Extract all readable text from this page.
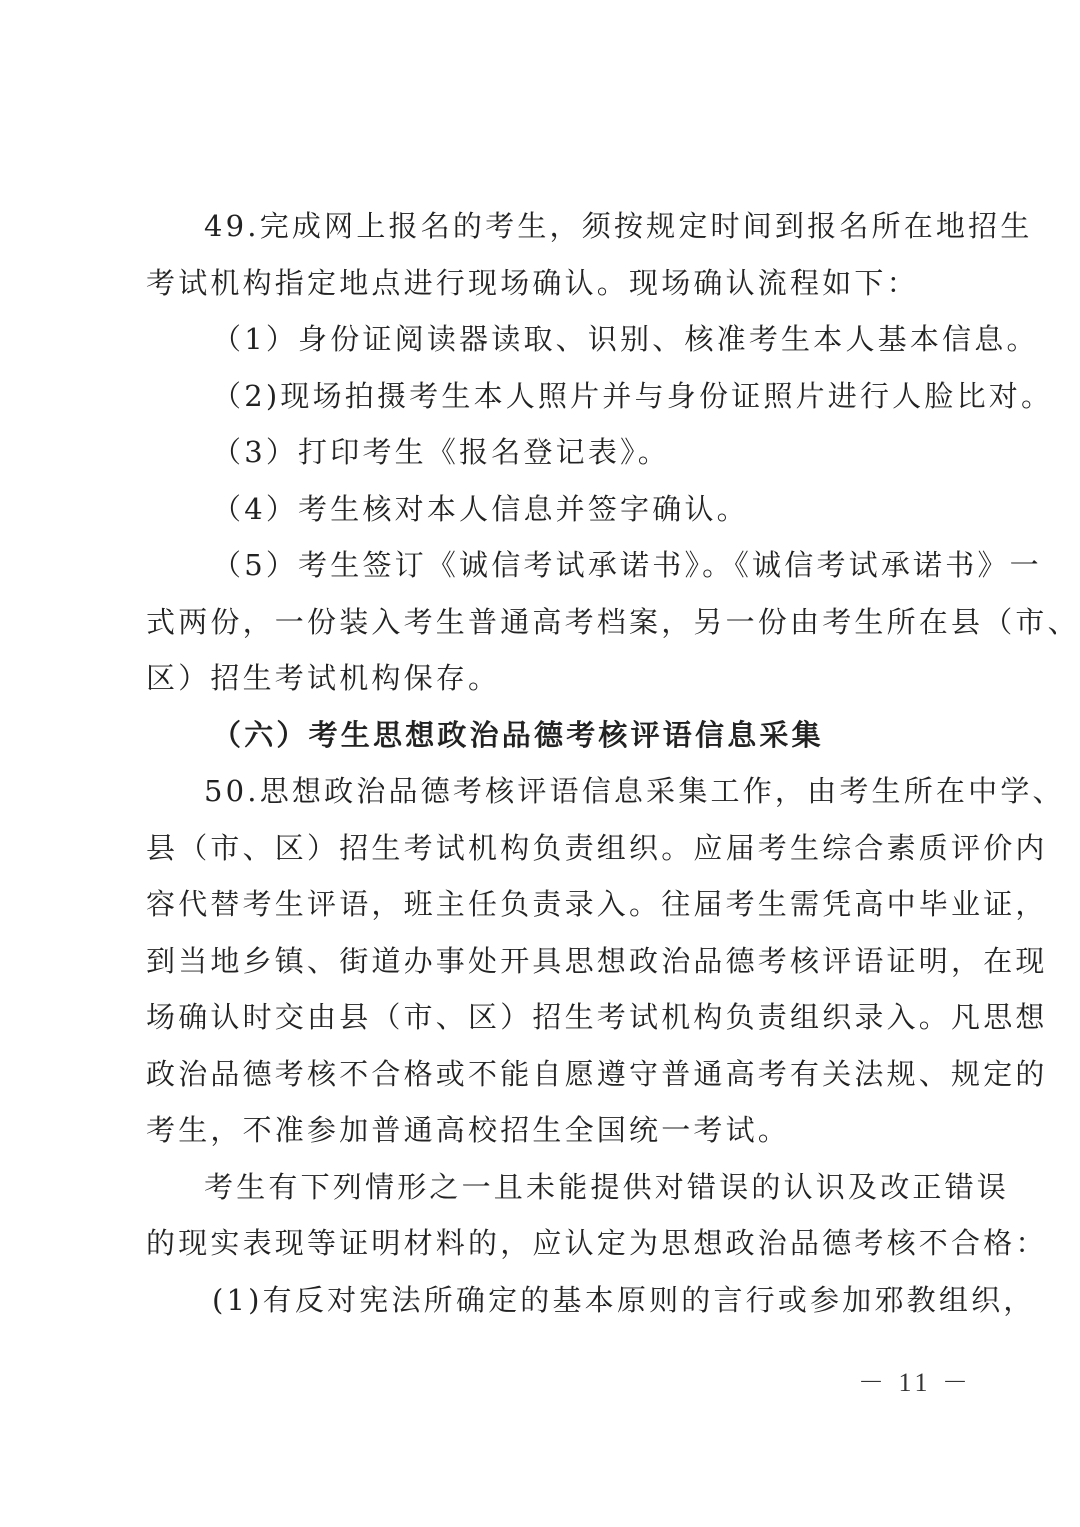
49.完成网上报名的考生，须按规定时间到报名所在地招生
考试机构指定地点进行现场确认。现场确认流程如下：
（1）身份证阅读器读取、识别、核准考生本人基本信息。
（2)现场拍摄考生本人照片并与身份证照片进行人脸比对。
（3）打印考生《报名登记表》。
（4）考生核对本人信息并签字确认。
（5）考生签订《诚信考试承诺书》。《诚信考试承诺书》一
式两份，一份装入考生普通高考档案，另一份由考生所在县（市、
区）招生考试机构保存。
（六）考生思想政治品德考核评语信息采集
50.思想政治品德考核评语信息采集工作，由考生所在中学、
县（市、区）招生考试机构负责组织。应届考生综合素质评价内
容代替考生评语，班主任负责录入。往届考生需凭高中毕业证，
到当地乡镇、街道办事处开具思想政治品德考核评语证明，在现
场确认时交由县（市、区）招生考试机构负责组织录入。凡思想
政治品德考核不合格或不能自愿遵守普通高考有关法规、规定的
考生，不准参加普通高校招生全国统一考试。
考生有下列情形之一且未能提供对错误的认识及改正错误
的现实表现等证明材料的，应认定为思想政治品德考核不合格：
(1)有反对宪法所确定的基本原则的言行或参加邪教组织，
－ 11 －
